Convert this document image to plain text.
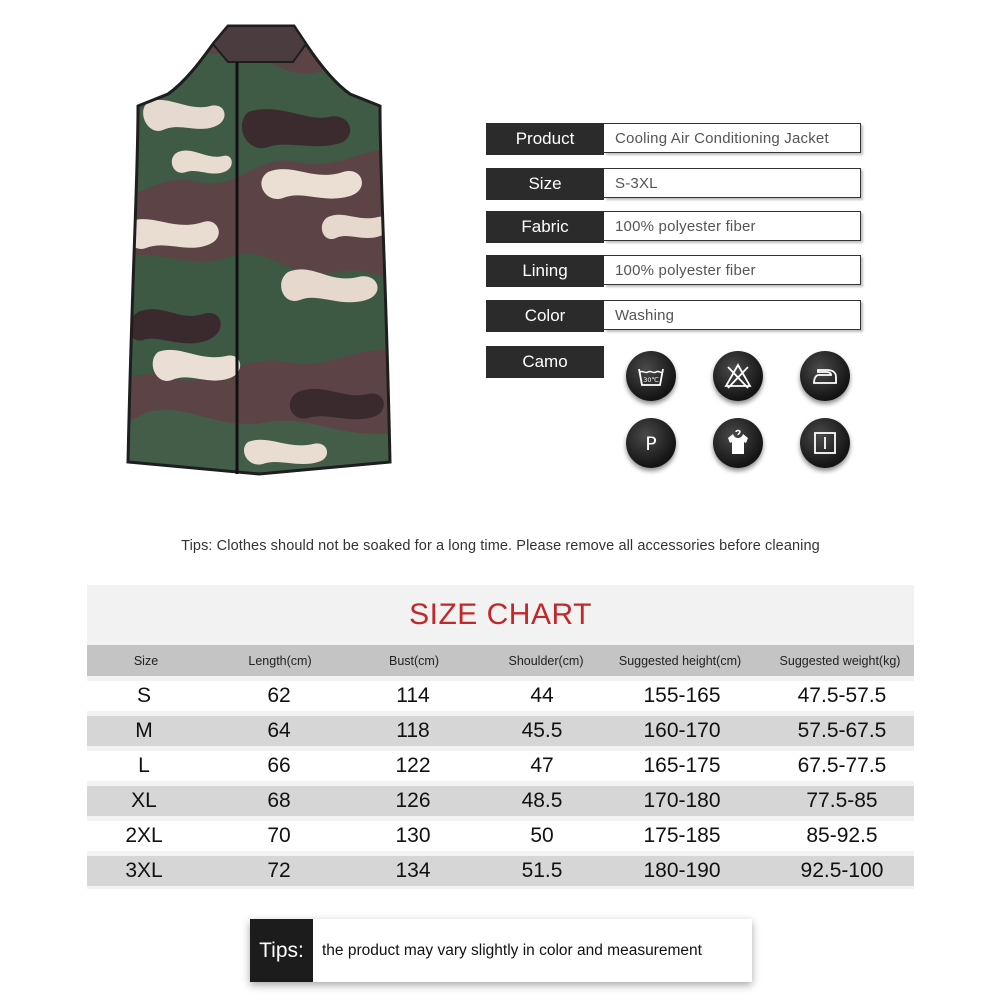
Product	Cooling Air Conditioning Jacket
Size	S-3XL
Fabric	100% polyester fiber
Lining	100% polyester fiber
Color	Washing
Camo
30℃
P
Tips: Clothes should not be soaked for a long time. Please remove all accessories before cleaning
SIZE CHART
Size	Length(cm)	Bust(cm)	Shoulder(cm)	Suggested height(cm)	Suggested weight(kg)
S	62	114	44	155-165	47.5-57.5
M	64	118	45.5	160-170	57.5-67.5
L	66	122	47	165-175	67.5-77.5
XL	68	126	48.5	170-180	77.5-85
2XL	70	130	50	175-185	85-92.5
3XL	72	134	51.5	180-190	92.5-100
Tips:	the product may vary slightly in color and measurement
